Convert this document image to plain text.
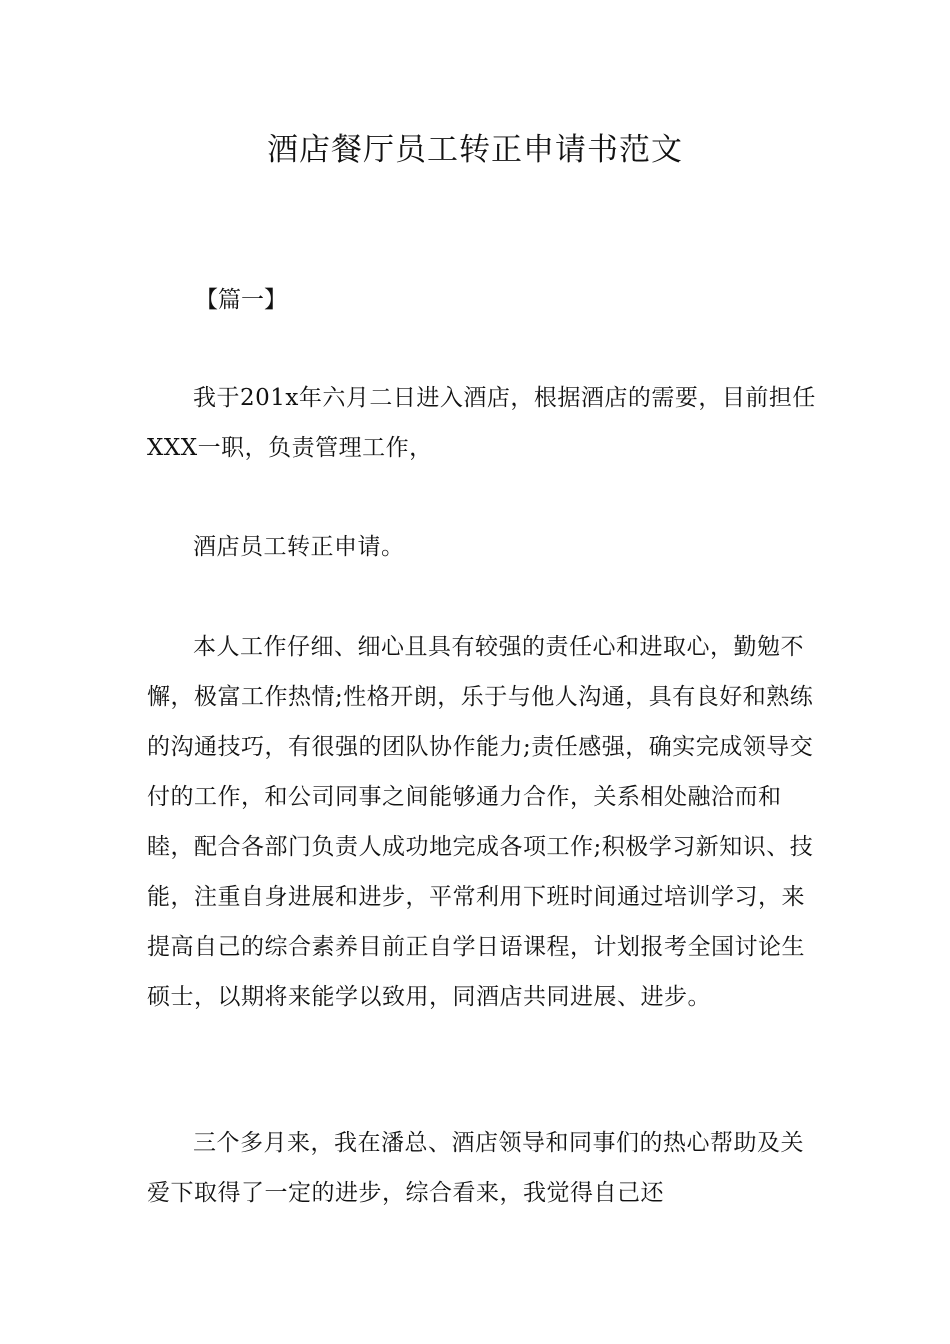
酒店餐厅员工转正申请书范文

【篇一】

我于201x年六月二日进入酒店，根据酒店的需要，目前担任XXX一职，负责管理工作，

酒店员工转正申请。

本人工作仔细、细心且具有较强的责任心和进取心，勤勉不懈，极富工作热情;性格开朗，乐于与他人沟通，具有良好和熟练的沟通技巧，有很强的团队协作能力;责任感强，确实完成领导交付的工作，和公司同事之间能够通力合作，关系相处融洽而和睦，配合各部门负责人成功地完成各项工作;积极学习新知识、技能，注重自身进展和进步，平常利用下班时间通过培训学习，来提高自己的综合素养目前正自学日语课程，计划报考全国讨论生硕士，以期将来能学以致用，同酒店共同进展、进步。

三个多月来，我在潘总、酒店领导和同事们的热心帮助及关爱下取得了一定的进步，综合看来，我觉得自己还
